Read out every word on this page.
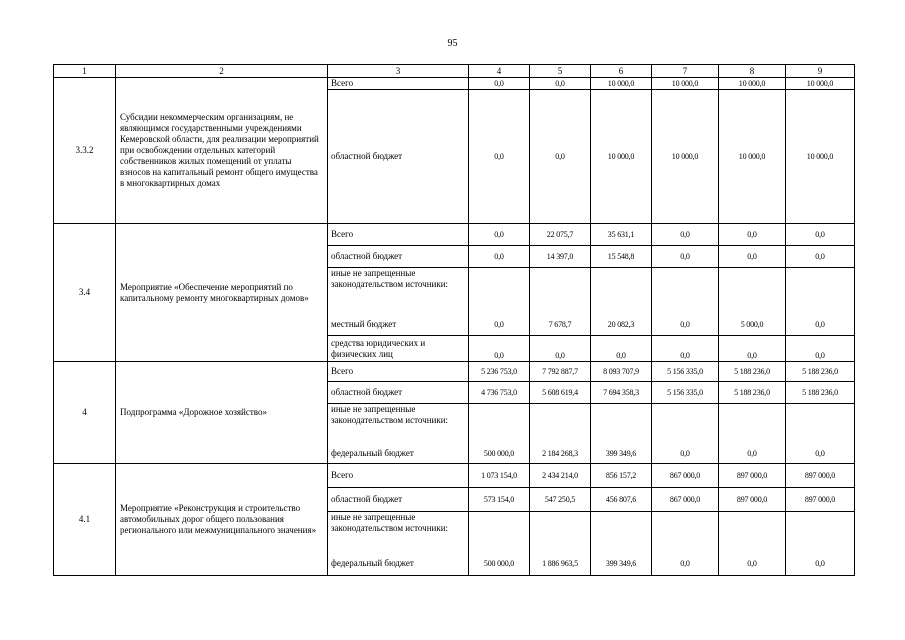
95
1	2	3	4	5	6	7	8	9
3.3.2	Субсидии некоммерческим организациям, не являющимся государственными учреждениями Кемеровской области, для реализации мероприятий при освобождении отдельных категорий собственников жилых помещений от уплаты взносов на капитальный ремонт общего имущества в многоквартирных домах	Всего	0,0	0,0	10 000,0	10 000,0	10 000,0	10 000,0
		областной бюджет	0,0	0,0	10 000,0	10 000,0	10 000,0	10 000,0
3.4	Мероприятие «Обеспечение мероприятий по капитальному ремонту многоквартирных домов»	Всего	0,0	22 075,7	35 631,1	0,0	0,0	0,0
		областной бюджет	0,0	14 397,0	15 548,8	0,0	0,0	0,0
		иные не запрещенные законодательством источники:						
		местный бюджет	0,0	7 678,7	20 082,3	0,0	5 000,0	0,0
		средства юридических и физических лиц	0,0	0,0	0,0	0,0	0,0	0,0
4	Подпрограмма «Дорожное хозяйство»	Всего	5 236 753,0	7 792 887,7	8 093 707,9	5 156 335,0	5 188 236,0	5 188 236,0
		областной бюджет	4 736 753,0	5 608 619,4	7 694 358,3	5 156 335,0	5 188 236,0	5 188 236,0
		иные не запрещенные законодательством источники:						
		федеральный бюджет	500 000,0	2 184 268,3	399 349,6	0,0	0,0	0,0
4.1	Мероприятие «Реконструкция и строительство автомобильных дорог общего пользования регионального или межмуниципального значения»	Всего	1 073 154,0	2 434 214,0	856 157,2	867 000,0	897 000,0	897 000,0
		областной бюджет	573 154,0	547 250,5	456 807,6	867 000,0	897 000,0	897 000,0
		иные не запрещенные законодательством источники:						
		федеральный бюджет	500 000,0	1 886 963,5	399 349,6	0,0	0,0	0,0
